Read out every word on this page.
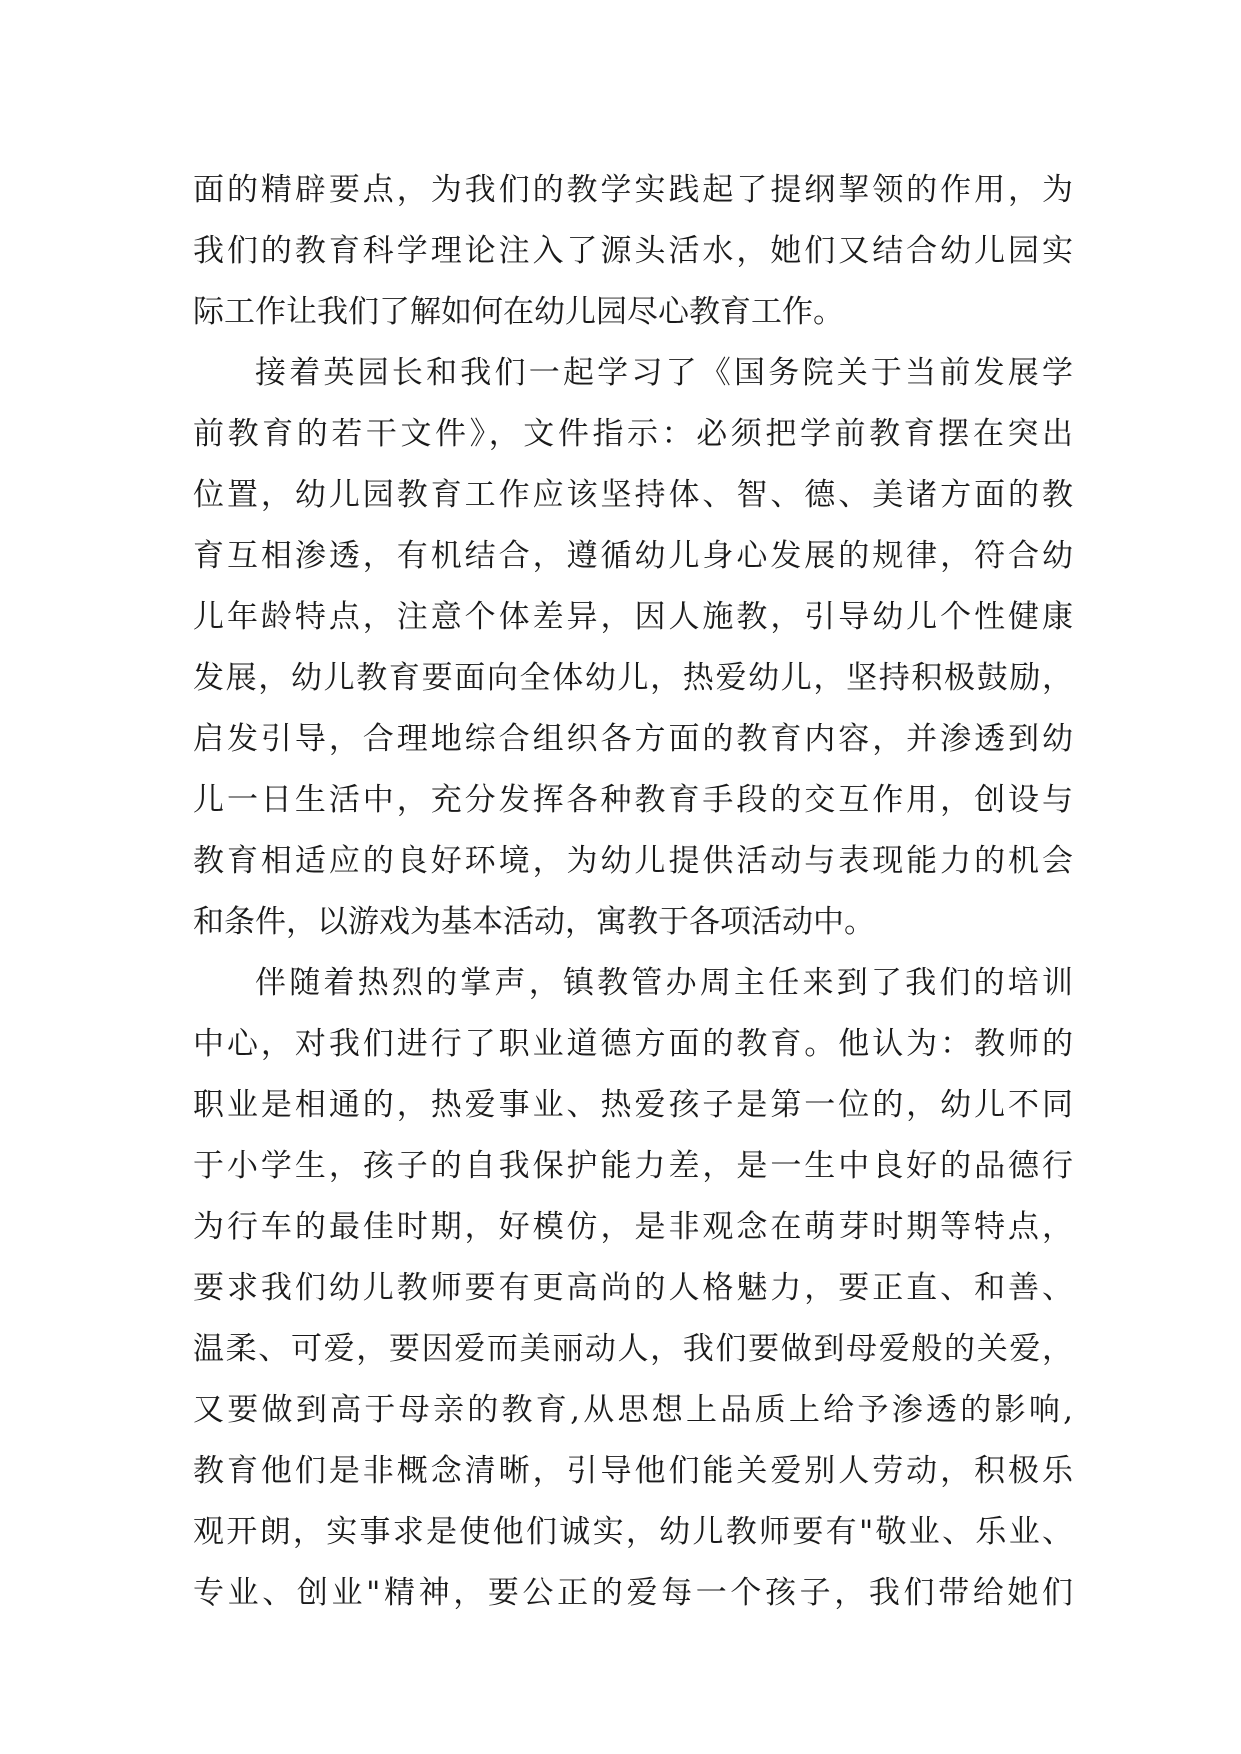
面的精辟要点，为我们的教学实践起了提纲挈领的作用，为
我们的教育科学理论注入了源头活水，她们又结合幼儿园实
际工作让我们了解如何在幼儿园尽心教育工作。
接着英园长和我们一起学习了《国务院关于当前发展学
前教育的若干文件》，文件指示：必须把学前教育摆在突出
位置，幼儿园教育工作应该坚持体、智、德、美诸方面的教
育互相渗透，有机结合，遵循幼儿身心发展的规律，符合幼
儿年龄特点，注意个体差异，因人施教，引导幼儿个性健康
发展，幼儿教育要面向全体幼儿，热爱幼儿，坚持积极鼓励，
启发引导，合理地综合组织各方面的教育内容，并渗透到幼
儿一日生活中，充分发挥各种教育手段的交互作用，创设与
教育相适应的良好环境，为幼儿提供活动与表现能力的机会
和条件，以游戏为基本活动，寓教于各项活动中。
伴随着热烈的掌声，镇教管办周主任来到了我们的培训
中心，对我们进行了职业道德方面的教育。他认为：教师的
职业是相通的，热爱事业、热爱孩子是第一位的，幼儿不同
于小学生，孩子的自我保护能力差，是一生中良好的品德行
为行车的最佳时期，好模仿，是非观念在萌芽时期等特点，
要求我们幼儿教师要有更高尚的人格魅力，要正直、和善、
温柔、可爱，要因爱而美丽动人，我们要做到母爱般的关爱，
又要做到高于母亲的教育,从思想上品质上给予渗透的影响,
教育他们是非概念清晰，引导他们能关爱别人劳动，积极乐
观开朗，实事求是使他们诚实，幼儿教师要有"敬业、乐业、
专业、创业"精神，要公正的爱每一个孩子，我们带给她们
